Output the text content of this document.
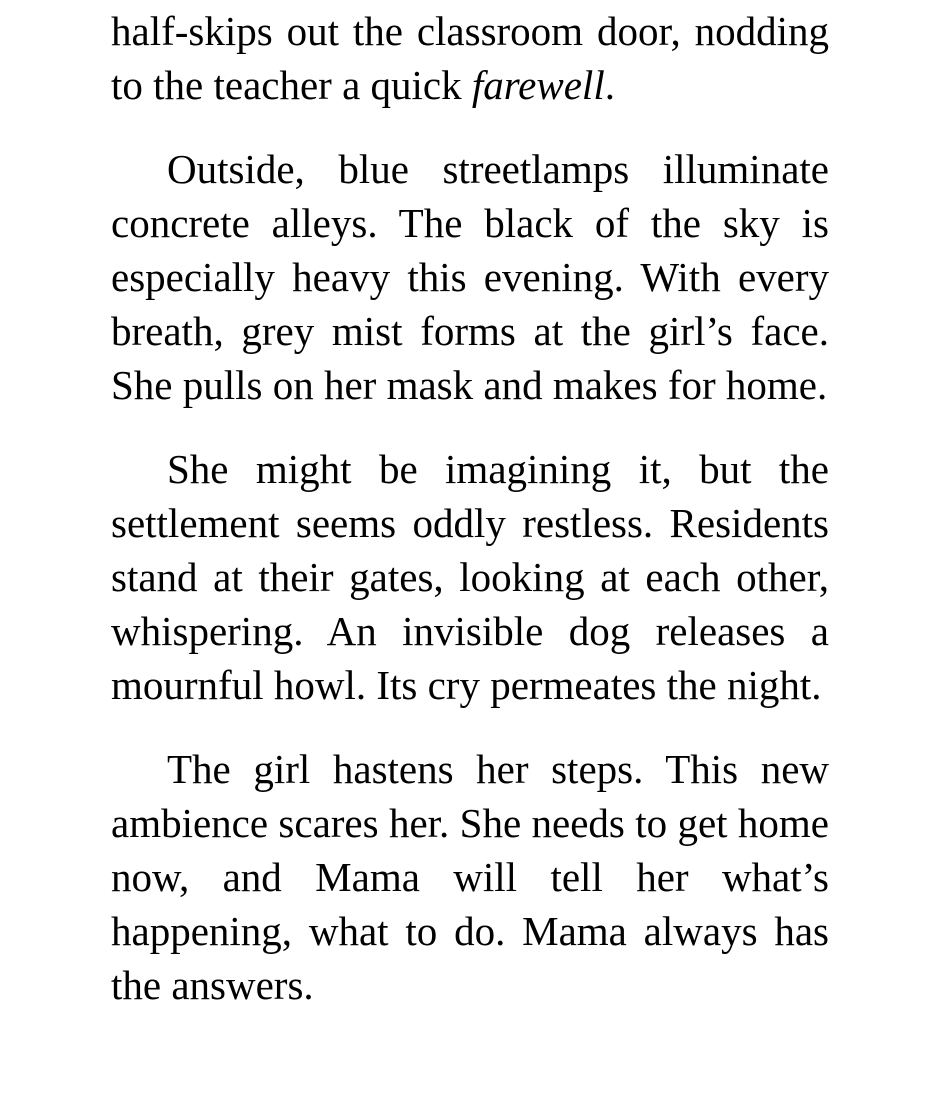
half-skips out the classroom door, nodding to the teacher a quick farewell.

Outside, blue streetlamps illuminate concrete alleys. The black of the sky is especially heavy this evening. With every breath, grey mist forms at the girl’s face. She pulls on her mask and makes for home.

She might be imagining it, but the settlement seems oddly restless. Residents stand at their gates, looking at each other, whispering. An invisible dog releases a mournful howl. Its cry permeates the night.

The girl hastens her steps. This new ambience scares her. She needs to get home now, and Mama will tell her what’s happening, what to do. Mama always has the answers.
